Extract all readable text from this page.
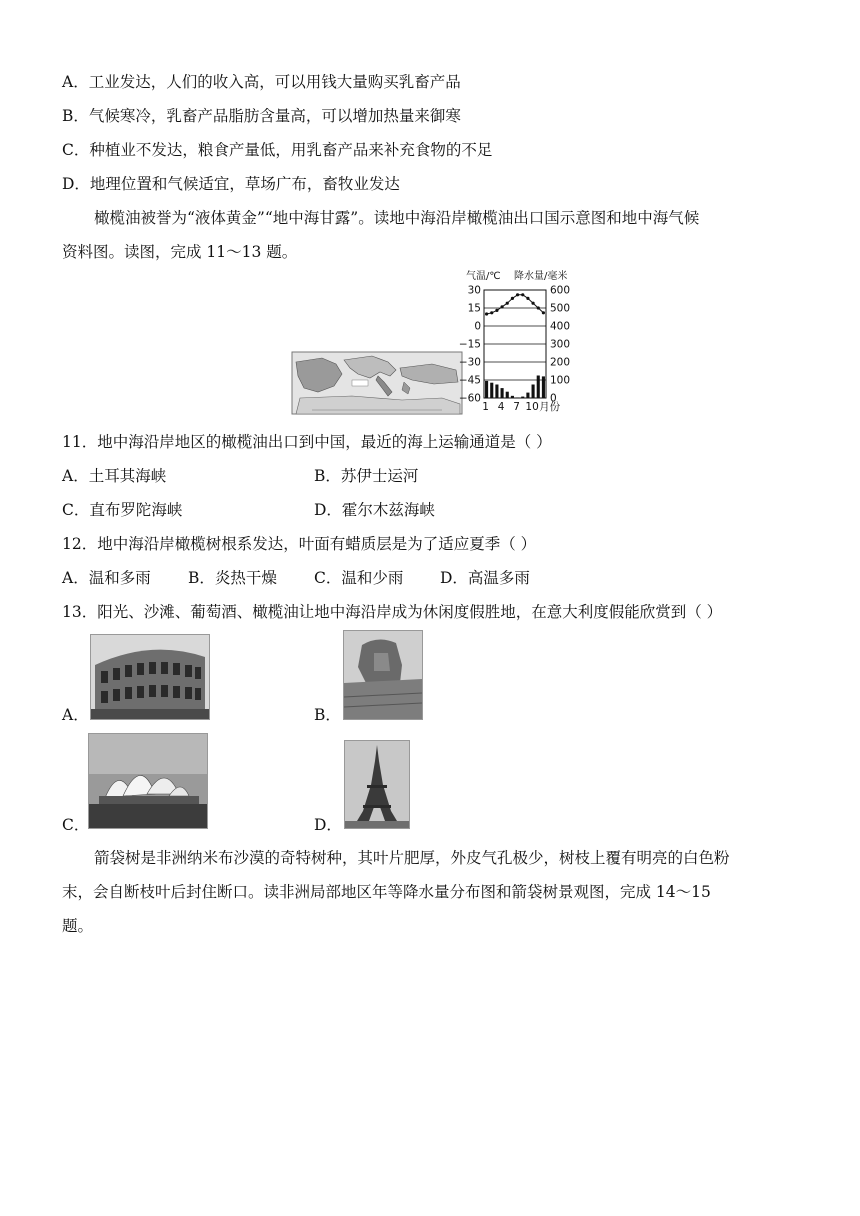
A．工业发达，人们的收入高，可以用钱大量购买乳畜产品
B．气候寒冷，乳畜产品脂肪含量高，可以增加热量来御寒
C．种植业不发达，粮食产量低，用乳畜产品来补充食物的不足
D．地理位置和气候适宜，草场广布，畜牧业发达
橄榄油被誉为“液体黄金”“地中海甘露”。读地中海沿岸橄榄油出口国示意图和地中海气候
资料图。读图，完成 11～13 题。
气温/℃ 降水量/毫米
30
15
0
−15
−30
−45
−60
600
500
400
300
200
100
0
1 4 7 10 月份
11．地中海沿岸地区的橄榄油出口到中国，最近的海上运输通道是（ ）
A．土耳其海峡	B．苏伊士运河
C．直布罗陀海峡	D．霍尔木兹海峡
12．地中海沿岸橄榄树根系发达，叶面有蜡质层是为了适应夏季（ ）
A．温和多雨 B．炎热干燥 C．温和少雨 D．高温多雨
13．阳光、沙滩、葡萄酒、橄榄油让地中海沿岸成为休闲度假胜地，在意大利度假能欣赏到（ ）
A．	B．
C．	D．
箭袋树是非洲纳米布沙漠的奇特树种，其叶片肥厚，外皮气孔极少，树枝上覆有明亮的白色粉
末，会自断枝叶后封住断口。读非洲局部地区年等降水量分布图和箭袋树景观图，完成 14～15
题。
